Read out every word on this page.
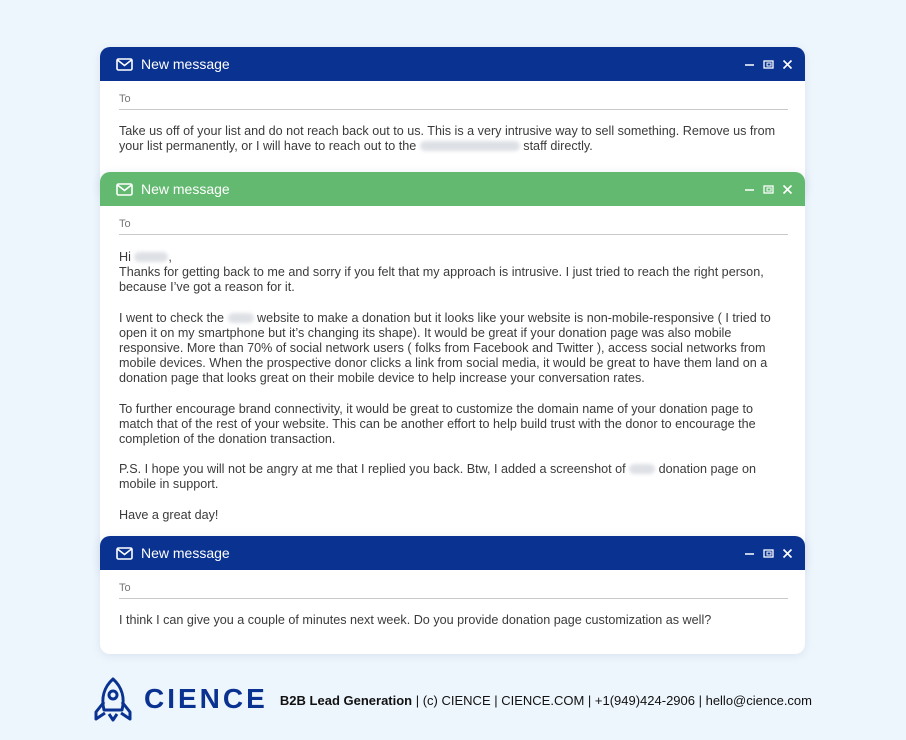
New message
To
Take us off of your list and do not reach back out to us. This is a very intrusive way to sell something. Remove us from your list permanently, or I will have to reach out to the	staff directly.
New message
To
Hi	,

Thanks for getting back to me and sorry if you felt that my approach is intrusive. I just tried to reach the right person, because I’ve got a reason for it.

I went to check the	website to make a donation but it looks like your website is non-mobile-responsive ( I tried to open it on my smartphone but it’s changing its shape). It would be great if your donation page was also mobile responsive. More than 70% of social network users ( folks from Facebook and Twitter ), access social networks from mobile devices. When the prospective donor clicks a link from social media, it would be great to have them land on a donation page that looks great on their mobile device to help increase your conversation rates.

To further encourage brand connectivity, it would be great to customize the domain name of your donation page to match that of the rest of your website. This can be another effort to help build trust with the donor to encourage the completion of the donation transaction.

P.S. I hope you will not be angry at me that I replied you back. Btw, I added a screenshot of	donation page on mobile in support.

Have a great day!

New message
To
I think I can give you a couple of minutes next week. Do you provide donation page customization as well?
CIENCE B2B Lead Generation | (c) CIENCE | CIENCE.COM | +1(949)424-2906 | hello@cience.com
